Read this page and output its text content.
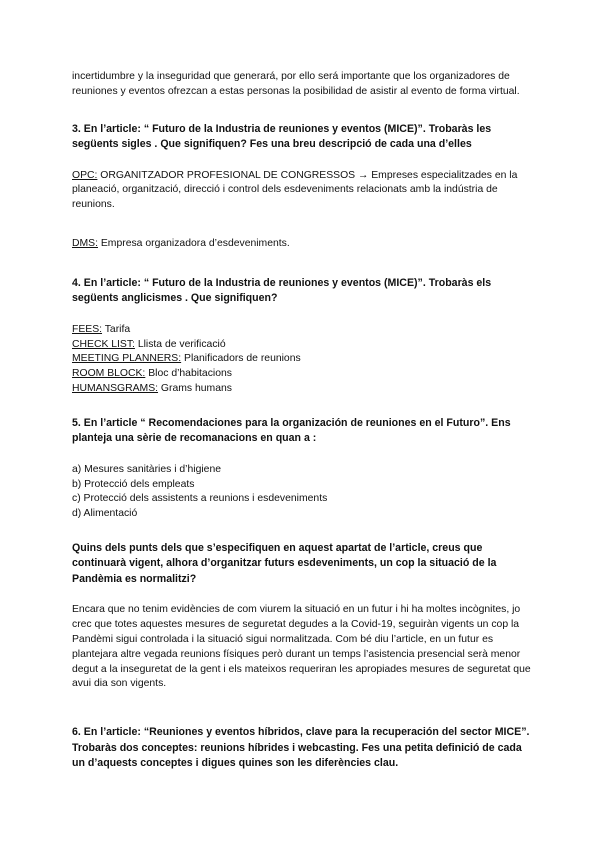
incertidumbre y la inseguridad que generará, por ello será importante que los organizadores de reuniones y eventos ofrezcan a estas personas la posibilidad de asistir al evento de forma virtual.

3. En l’article: “ Futuro de la Industria de reuniones y eventos (MICE)”. Trobaràs les següents sigles . Que signifiquen? Fes una breu descripció de cada una d’elles
OPC: ORGANITZADOR PROFESIONAL DE CONGRESSOS → Empreses especialitzades en la planeació, organització, direcció i control dels esdeveniments relacionats amb la indústria de reunions.
DMS: Empresa organizadora d’esdeveniments.
4. En l’article: “ Futuro de la Industria de reuniones y eventos (MICE)”. Trobaràs els següents anglicismes . Que signifiquen?
FEES: Tarifa
CHECK LIST: Llista de verificació
MEETING PLANNERS: Planificadors de reunions
ROOM BLOCK: Bloc d’habitacions
HUMANSGRAMS: Grams humans
5. En l’article “ Recomendaciones para la organización de reuniones en el Futuro”. Ens planteja una sèrie de recomanacions en quan a :
a) Mesures sanitàries i d’higiene
b) Protecció dels empleats
c) Protecció dels assistents a reunions i esdeveniments
d) Alimentació
Quins dels punts dels que s’especifiquen en aquest apartat de l’article, creus que continuarà vigent, alhora d’organitzar futurs esdeveniments, un cop la situació de la Pandèmia es normalitzi?

Encara que no tenim evidències de com viurem la situació en un futur i hi ha moltes incògnites, jo crec que totes aquestes mesures de seguretat degudes a la Covid-19, seguiràn vigents un cop la Pandèmi sigui controlada i la situació sigui normalitzada. Com bé diu l’article, en un futur es plantejara altre vegada reunions físiques però durant un temps l’asistencia presencial serà menor degut a la inseguretat de la gent i els mateixos requeriran les apropiades mesures de seguretat que avui dia son vigents.

6. En l’article: “Reuniones y eventos híbridos, clave para la recuperación del sector MICE”. Trobaràs dos conceptes: reunions híbrides i webcasting. Fes una petita definició de cada un d’aquests conceptes i digues quines son les diferències clau.
